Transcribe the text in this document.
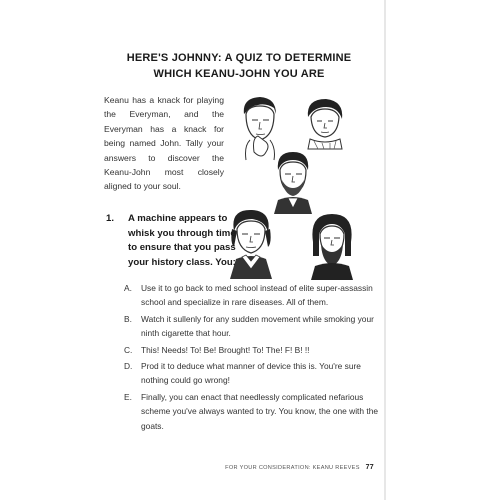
HERE'S JOHNNY: A QUIZ TO DETERMINE
WHICH KEANU-JOHN YOU ARE

Keanu has a knack for playing the Everyman, and the Everyman has a knack for being named John. Tally your answers to discover the Keanu-John most closely aligned to your soul.

1.	A machine appears to whisk you through time to ensure that you pass your history class. You:
A. Use it to go back to med school instead of elite super-assassin school and specialize in rare diseases. All of them.
B. Watch it sullenly for any sudden movement while smoking your ninth cigarette that hour.
C. This! Needs! To! Be! Brought! To! The! F! B! !!
D. Prod it to deduce what manner of device this is. You're sure nothing could go wrong!
E. Finally, you can enact that needlessly complicated nefarious scheme you've always wanted to try. You know, the one with the goats.
FOR YOUR CONSIDERATION: KEANU REEVES 77
